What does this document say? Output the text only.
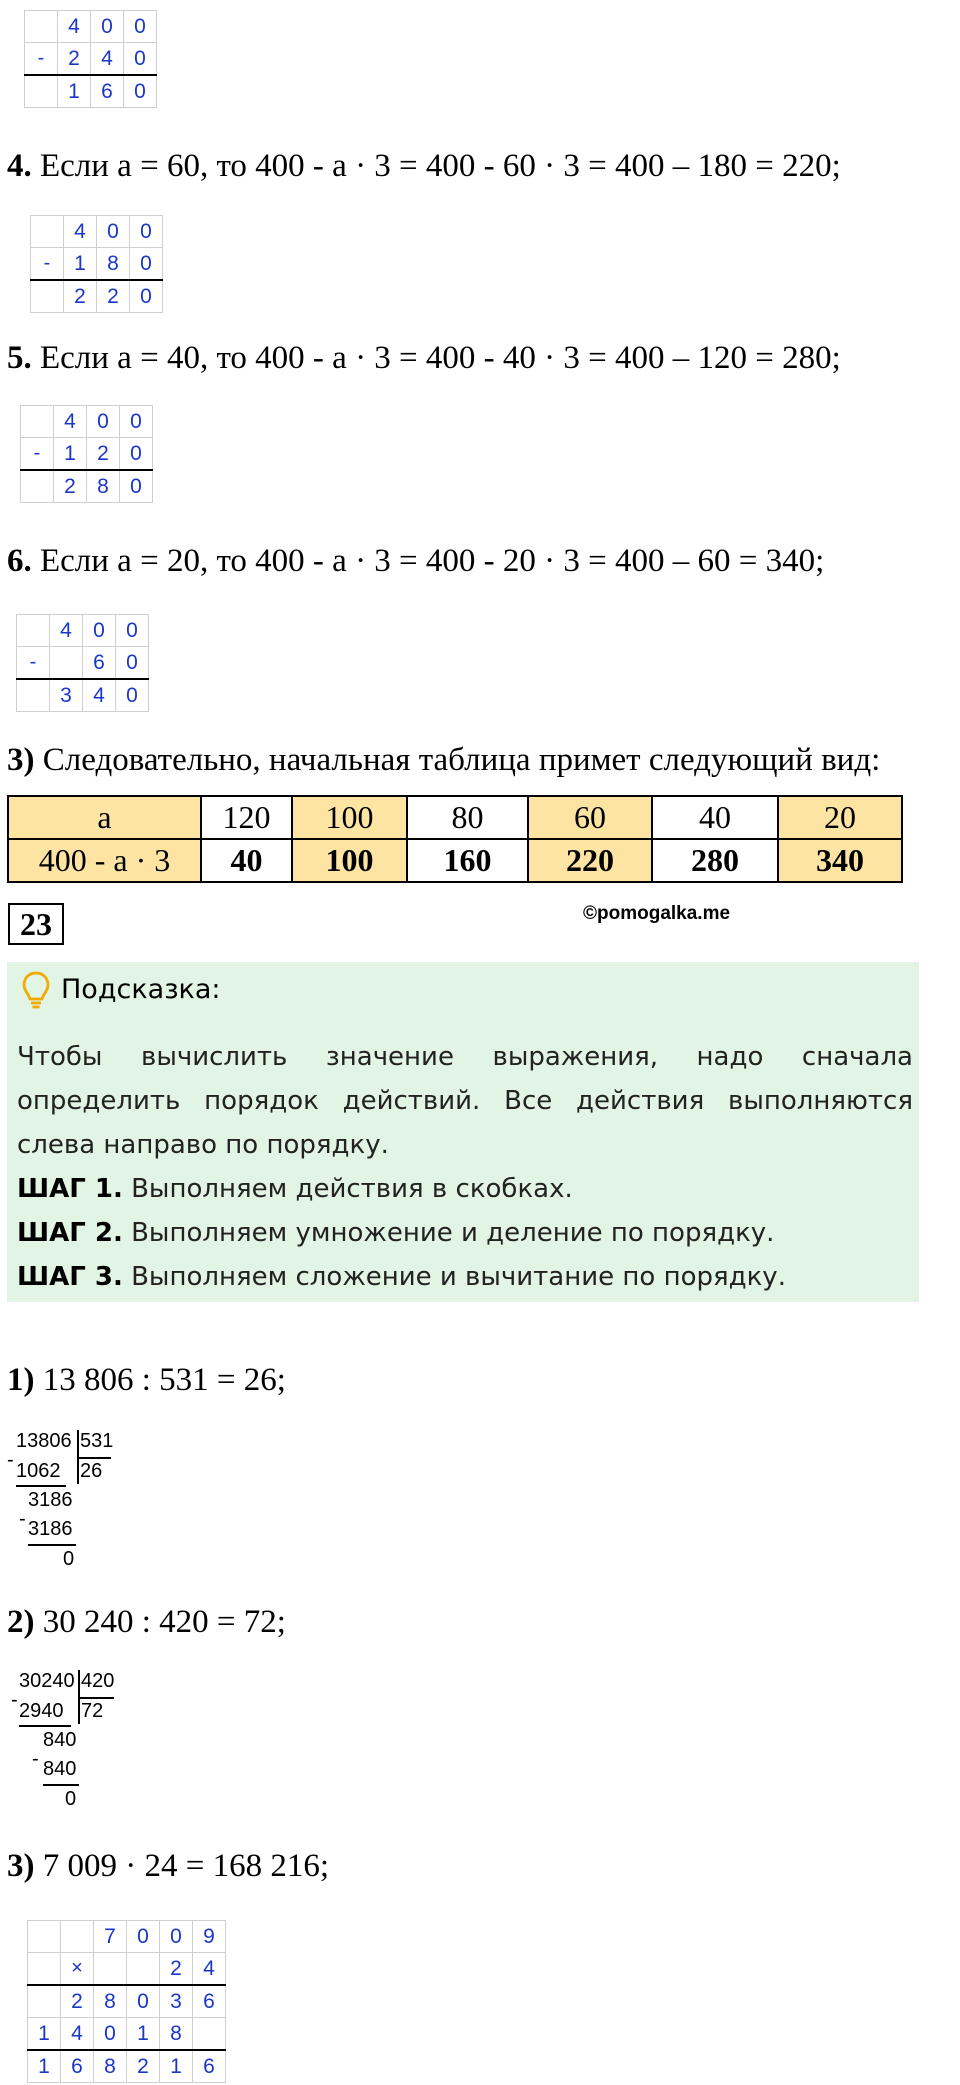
	4	0	0
-	2	4	0
	1	6	0
4. Если а = 60, то 400 - а · 3 = 400 - 60 · 3 = 400 – 180 = 220;
	4	0	0
-	1	8	0
	2	2	0
5. Если а = 40, то 400 - а · 3 = 400 - 40 · 3 = 400 – 120 = 280;
	4	0	0
-	1	2	0
	2	8	0
6. Если а = 20, то 400 - а · 3 = 400 - 20 · 3 = 400 – 60 = 340;
	4	0	0
-		6	0
	3	4	0
3) Следовательно, начальная таблица примет следующий вид:
а	120	100	80	60	40	20
400 - а · 3	40	100	160	220	280	340
23	©pomogalka.me
Подсказка:

Чтобы вычислить значение выражения, надо сначала определить порядок действий. Все действия выполняются слева направо по порядку.

ШАГ 1. Выполняем действия в скобках.

ШАГ 2. Выполняем умножение и деление по порядку.

ШАГ 3. Выполняем сложение и вычитание по порядку.

1) 13 806 : 531 = 26;
13806 531
- 1062 26
3186
- 3186
0
2) 30 240 : 420 = 72;
30240 420
- 2940 72
840
- 840
0
3) 7 009 · 24 = 168 216;
		7	0	0	9
	×			2	4
	2	8	0	3	6
1	4	0	1	8	
1	6	8	2	1	6
